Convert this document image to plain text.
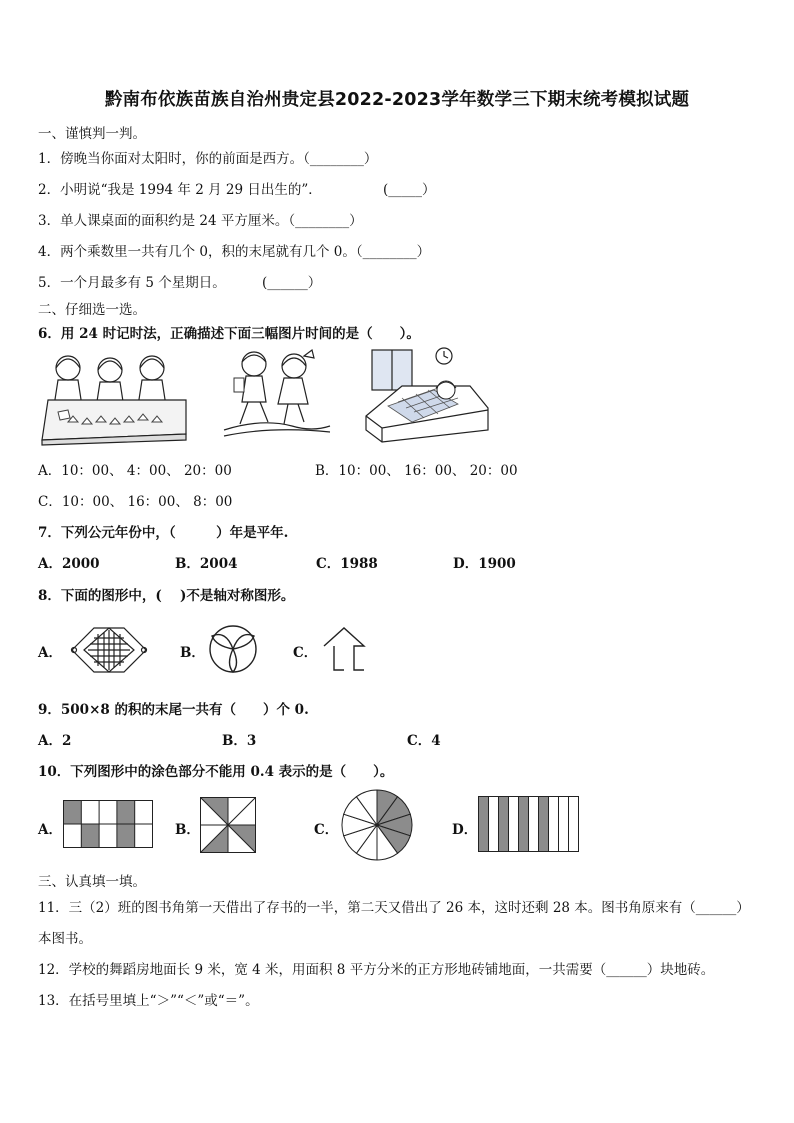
黔南布依族苗族自治州贵定县2022-2023学年数学三下期末统考模拟试题
一、谨慎判一判。
1．傍晚当你面对太阳时，你的前面是西方。（________）
2．小明说“我是 1994 年 2 月 29 日出生的”．	(_____）
3．单人课桌面的面积约是 24 平方厘米。（________）
4．两个乘数里一共有几个 0，积的末尾就有几个 0。（________）
5．一个月最多有 5 个星期日。	(______）
二、仔细选一选。
6．用 24 时记时法，正确描述下面三幅图片时间的是（　　）。
A．10：00、 4：00、 20：00	B．10：00、 16：00、 20：00
C．10：00、 16：00、 8：00
7．下列公元年份中，（　　　）年是平年.
A．2000	B．2004	C．1988	D．1900
8．下面的图形中，(　 )不是轴对称图形。
A．	B．	C．
9．500×8 的积的末尾一共有（　　）个 0.
A．2	B．3	C．4
10．下列图形中的涂色部分不能用 0.4 表示的是（　　）。
A．	B．	C．	D．
三、认真填一填。
11．三（2）班的图书角第一天借出了存书的一半，第二天又借出了 26 本，这时还剩 28 本。图书角原来有（______）
本图书。
12．学校的舞蹈房地面长 9 米，宽 4 米，用面积 8 平方分米的正方形地砖铺地面，一共需要（______）块地砖。
13．在括号里填上“＞”“＜”或“＝”。
